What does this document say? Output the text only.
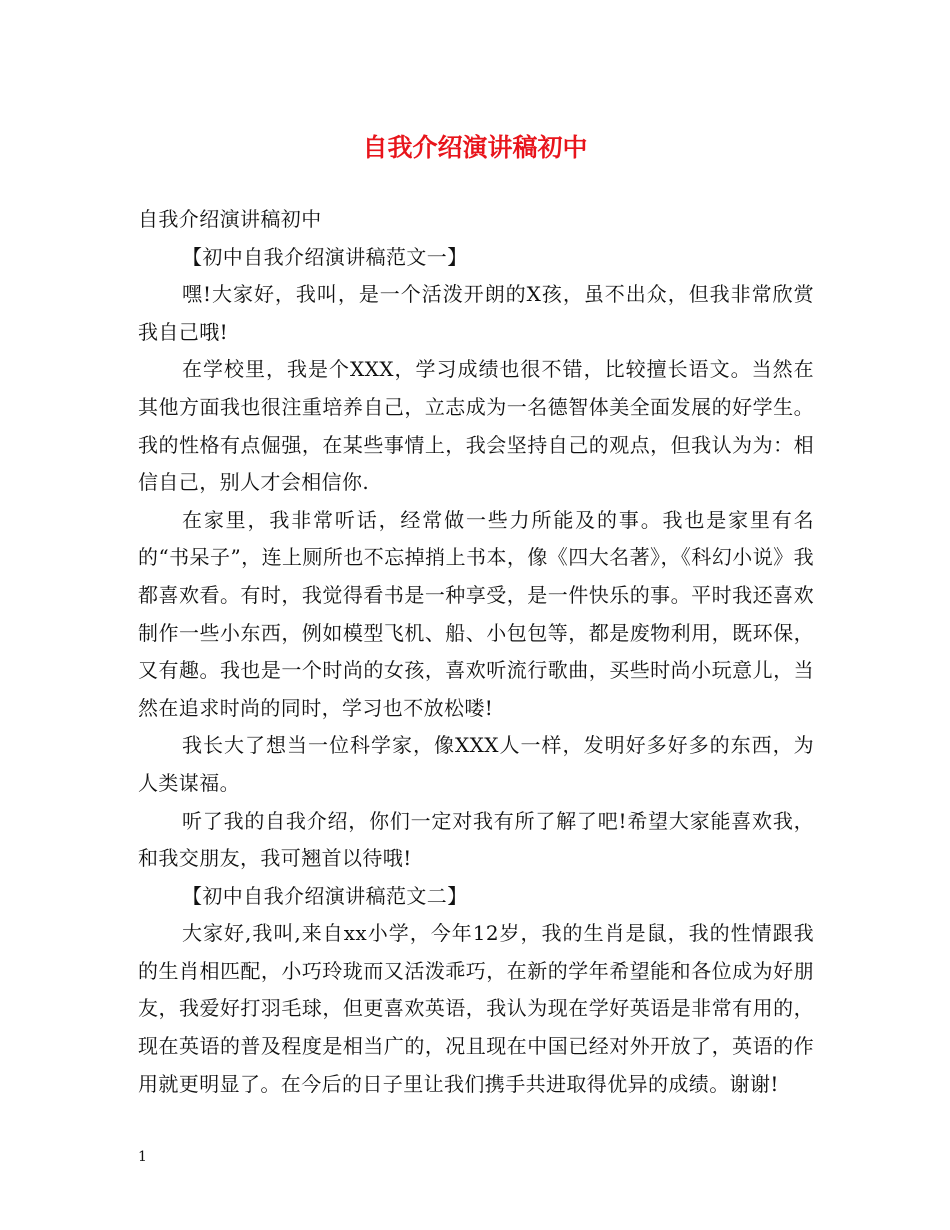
自我介绍演讲稿初中

自我介绍演讲稿初中

【初中自我介绍演讲稿范文一】

嘿!大家好，我叫，是一个活泼开朗的X孩，虽不出众，但我非常欣赏我自己哦!

在学校里，我是个XXX，学习成绩也很不错，比较擅长语文。当然在其他方面我也很注重培养自己，立志成为一名德智体美全面发展的好学生。我的性格有点倔强，在某些事情上，我会坚持自己的观点，但我认为为：相信自己，别人才会相信你.

在家里，我非常听话，经常做一些力所能及的事。我也是家里有名的“书呆子”，连上厕所也不忘掉捎上书本，像《四大名著》，《科幻小说》我都喜欢看。有时，我觉得看书是一种享受，是一件快乐的事。平时我还喜欢制作一些小东西，例如模型飞机、船、小包包等，都是废物利用，既环保，又有趣。我也是一个时尚的女孩，喜欢听流行歌曲，买些时尚小玩意儿，当然在追求时尚的同时，学习也不放松喽!

我长大了想当一位科学家，像XXX人一样，发明好多好多的东西，为人类谋福。

听了我的自我介绍，你们一定对我有所了解了吧!希望大家能喜欢我，和我交朋友，我可翘首以待哦!

【初中自我介绍演讲稿范文二】

大家好,我叫,来自xx小学，今年12岁，我的生肖是鼠，我的性情跟我的生肖相匹配，小巧玲珑而又活泼乖巧，在新的学年希望能和各位成为好朋友，我爱好打羽毛球，但更喜欢英语，我认为现在学好英语是非常有用的，现在英语的普及程度是相当广的，况且现在中国已经对外开放了，英语的作用就更明显了。在今后的日子里让我们携手共进取得优异的成绩。谢谢!

1
